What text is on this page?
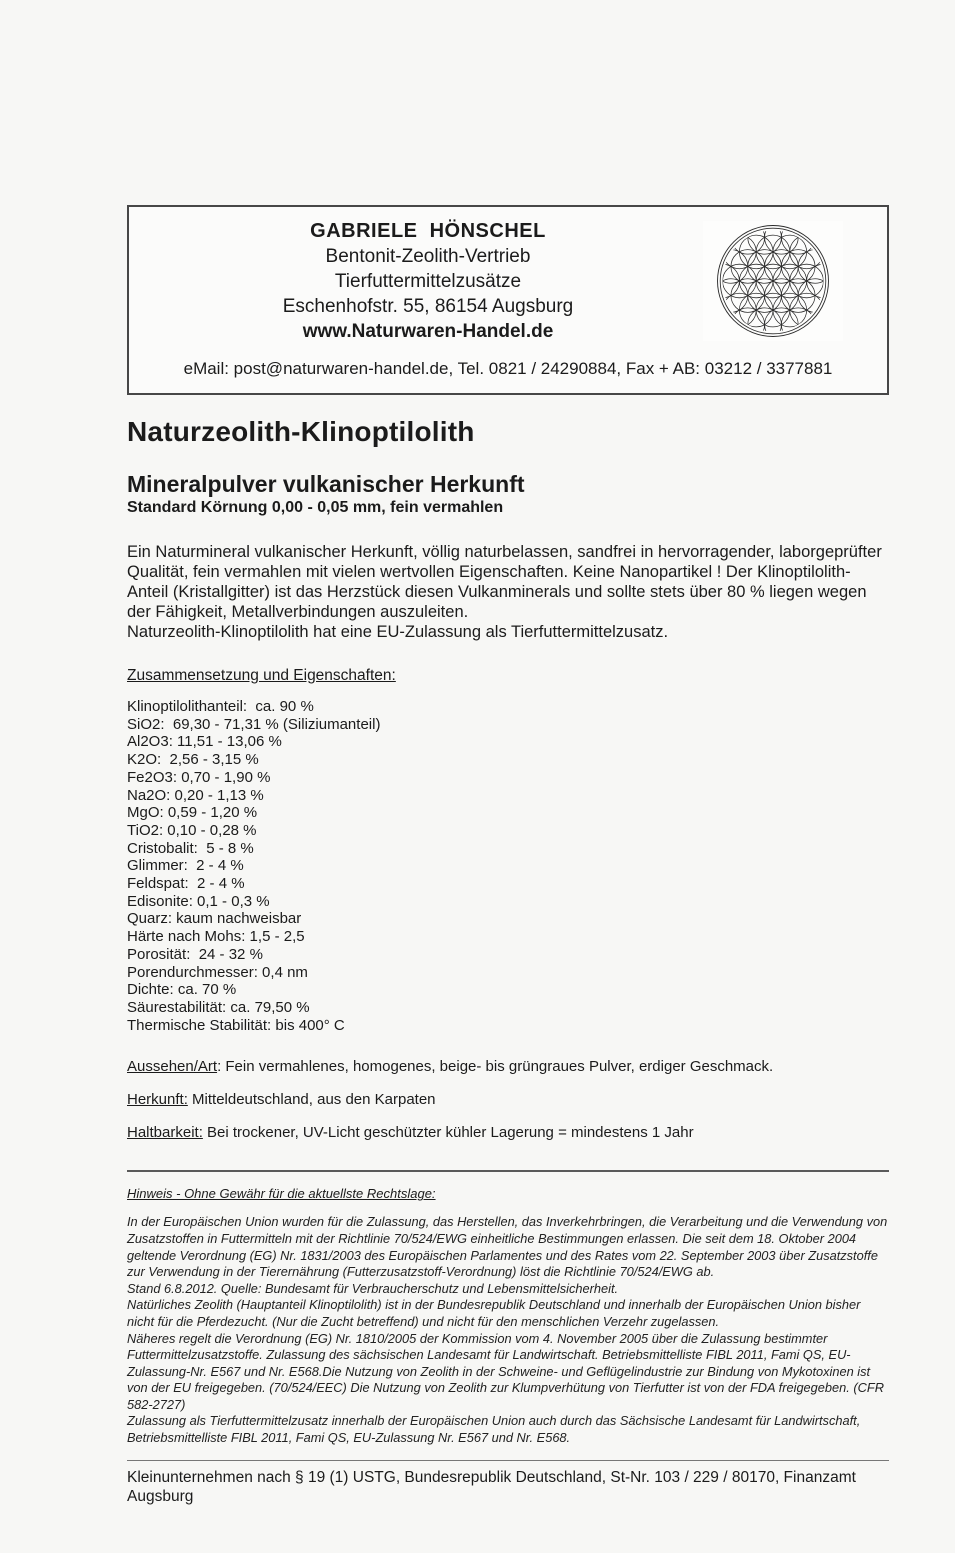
GABRIELE  HÖNSCHEL
Bentonit-Zeolith-Vertrieb
Tierfuttermittelzusätze
Eschenhofstr. 55, 86154 Augsburg
www.Naturwaren-Handel.de
eMail: post@naturwaren-handel.de, Tel. 0821 / 24290884, Fax + AB: 03212 / 3377881
Naturzeolith-Klinoptilolith
Mineralpulver vulkanischer Herkunft
Standard Körnung 0,00 - 0,05 mm, fein vermahlen

Ein Naturmineral vulkanischer Herkunft, völlig naturbelassen, sandfrei in hervorragender, laborgeprüfter Qualität, fein vermahlen mit vielen wertvollen Eigenschaften. Keine Nanopartikel ! Der Klinoptilolith-Anteil (Kristallgitter) ist das Herzstück diesen Vulkanminerals und sollte stets über 80 % liegen wegen der Fähigkeit, Metallverbindungen auszuleiten.

Naturzeolith-Klinoptilolith hat eine EU-Zulassung als Tierfuttermittelzusatz.

Zusammensetzung und Eigenschaften:
Klinoptilolithanteil:  ca. 90 %
SiO2:  69,30 - 71,31 % (Siliziumanteil)
Al2O3: 11,51 - 13,06 %
K2O:  2,56 - 3,15 %
Fe2O3: 0,70 - 1,90 %
Na2O: 0,20 - 1,13 %
MgO: 0,59 - 1,20 %
TiO2: 0,10 - 0,28 %
Cristobalit:  5 - 8 %
Glimmer:  2 - 4 %
Feldspat:  2 - 4 %
Edisonite: 0,1 - 0,3 %
Quarz: kaum nachweisbar
Härte nach Mohs: 1,5 - 2,5
Porosität:  24 - 32 %
Porendurchmesser: 0,4 nm
Dichte: ca. 70 %
Säurestabilität: ca. 79,50 %
Thermische Stabilität: bis 400° C

Aussehen/Art: Fein vermahlenes, homogenes, beige- bis grüngraues Pulver, erdiger Geschmack.

Herkunft: Mitteldeutschland, aus den Karpaten

Haltbarkeit: Bei trockener, UV-Licht geschützter kühler Lagerung = mindestens 1 Jahr

Hinweis - Ohne Gewähr für die aktuellste Rechtslage:

In der Europäischen Union wurden für die Zulassung, das Herstellen, das Inverkehrbringen, die Verarbeitung und die Verwendung von Zusatzstoffen in Futtermitteln mit der Richtlinie 70/524/EWG einheitliche Bestimmungen erlassen. Die seit dem 18. Oktober 2004 geltende Verordnung (EG) Nr. 1831/2003 des Europäischen Parlamentes und des Rates vom 22. September 2003 über Zusatzstoffe zur Verwendung in der Tierernährung (Futterzusatzstoff-Verordnung) löst die Richtlinie 70/524/EWG ab.

Stand 6.8.2012. Quelle: Bundesamt für Verbraucherschutz und Lebensmittelsicherheit.

Natürliches Zeolith (Hauptanteil Klinoptilolith) ist in der Bundesrepublik Deutschland und innerhalb der Europäischen Union bisher nicht für die Pferdezucht. (Nur die Zucht betreffend) und nicht für den menschlichen Verzehr zugelassen.

Näheres regelt die Verordnung (EG) Nr. 1810/2005 der Kommission vom 4. November 2005 über die Zulassung bestimmter Futtermittelzusatzstoffe. Zulassung des sächsischen Landesamt für Landwirtschaft. Betriebsmittelliste FIBL 2011, Fami QS, EU-Zulassung-Nr. E567 und Nr. E568.Die Nutzung von Zeolith in der Schweine- und Geflügelindustrie zur Bindung von Mykotoxinen ist von der EU freigegeben. (70/524/EEC) Die Nutzung von Zeolith zur Klumpverhütung von Tierfutter ist von der FDA freigegeben. (CFR 582-2727)

Zulassung als Tierfuttermittelzusatz innerhalb der Europäischen Union auch durch das Sächsische Landesamt für Landwirtschaft, Betriebsmittelliste FIBL 2011, Fami QS, EU-Zulassung Nr. E567 und Nr. E568.

Kleinunternehmen nach § 19 (1) USTG, Bundesrepublik Deutschland, St-Nr. 103 / 229 / 80170, Finanzamt Augsburg
